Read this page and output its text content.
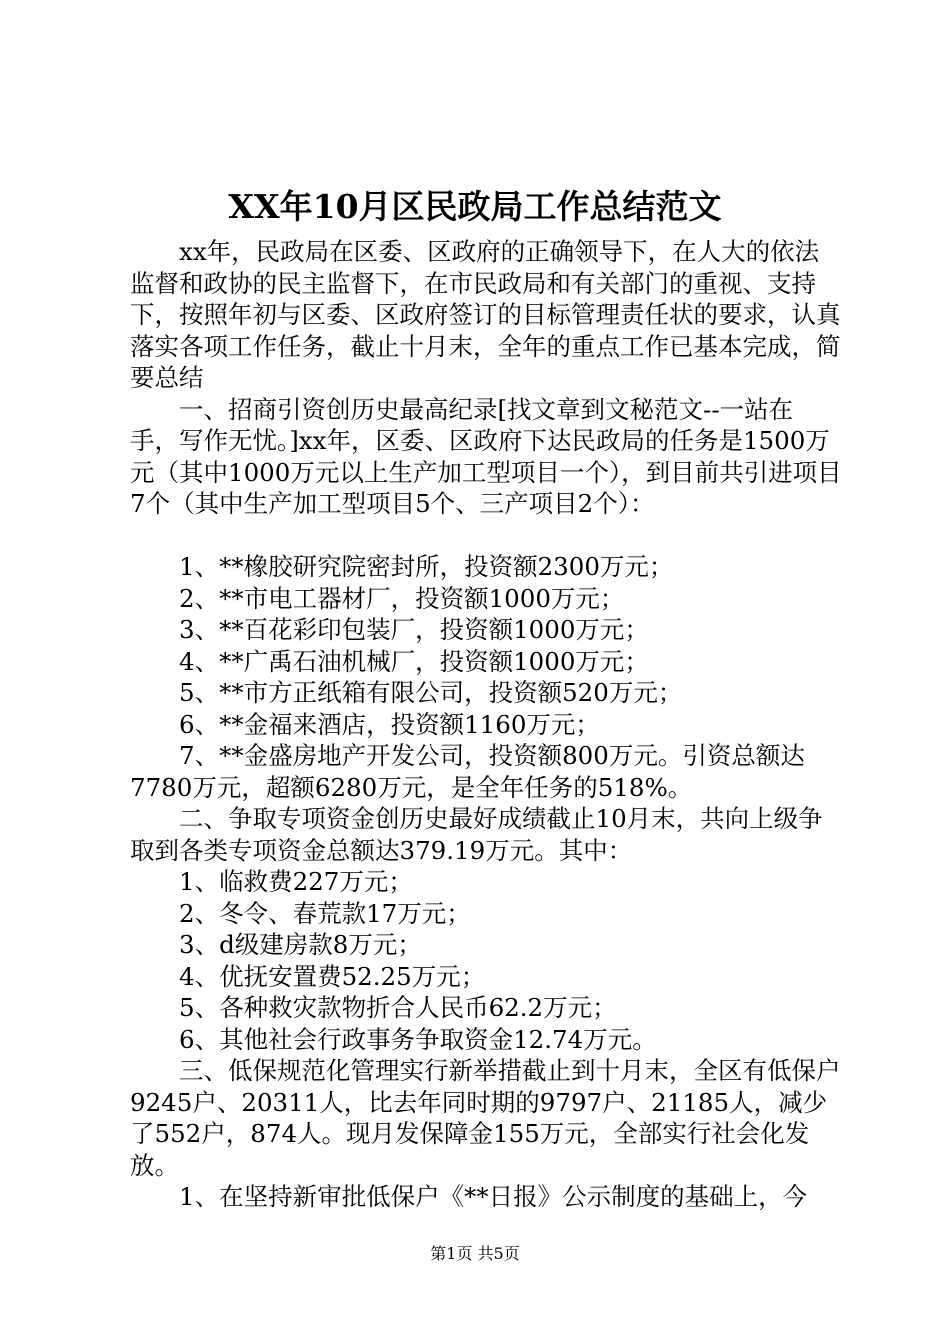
XX年10月区民政局工作总结范文

xx年，民政局在区委、区政府的正确领导下，在人大的依法监督和政协的民主监督下，在市民政局和有关部门的重视、支持下，按照年初与区委、区政府签订的目标管理责任状的要求，认真落实各项工作任务，截止十月末，全年的重点工作已基本完成，简要总结

一、招商引资创历史最高纪录[找文章到文秘范文--一站在手，写作无忧。]xx年，区委、区政府下达民政局的任务是1500万元（其中1000万元以上生产加工型项目一个），到目前共引进项目7个（其中生产加工型项目5个、三产项目2个）：

1、**橡胶研究院密封所，投资额2300万元；

2、**市电工器材厂，投资额1000万元；

3、**百花彩印包装厂，投资额1000万元；

4、**广禹石油机械厂，投资额1000万元；

5、**市方正纸箱有限公司，投资额520万元；

6、**金福来酒店，投资额1160万元；

7、**金盛房地产开发公司，投资额800万元。引资总额达7780万元，超额6280万元，是全年任务的518%。

二、争取专项资金创历史最好成绩截止10月末，共向上级争取到各类专项资金总额达379.19万元。其中：

1、临救费227万元；

2、冬令、春荒款17万元；

3、d级建房款8万元；

4、优抚安置费52.25万元；

5、各种救灾款物折合人民币62.2万元；

6、其他社会行政事务争取资金12.74万元。

三、低保规范化管理实行新举措截止到十月末，全区有低保户9245户、20311人，比去年同时期的9797户、21185人，减少了552户，874人。现月发保障金155万元，全部实行社会化发放。

1、在坚持新审批低保户《**日报》公示制度的基础上，今

第1页 共5页
